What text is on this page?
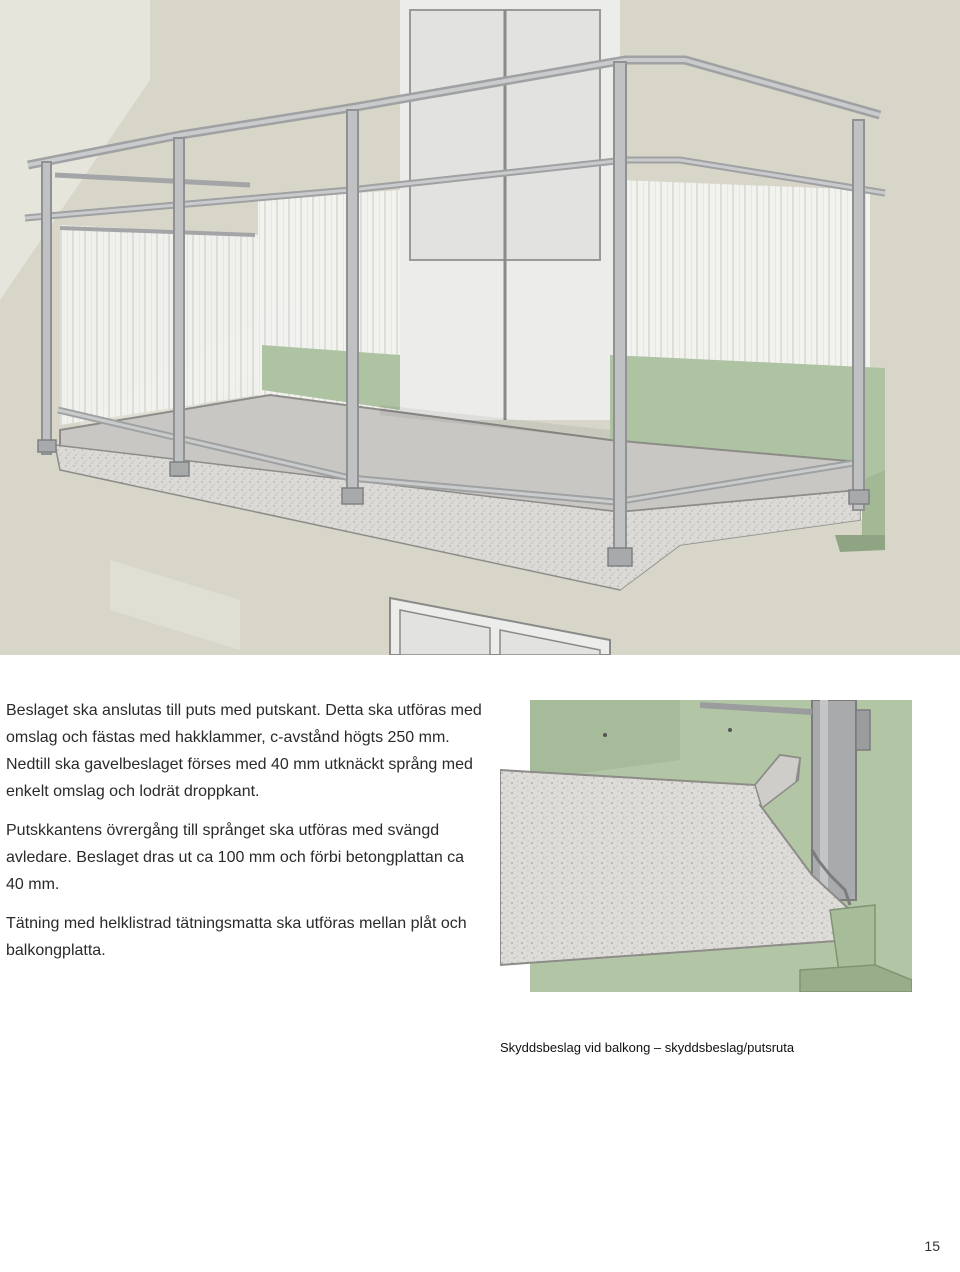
Beslaget ska anslutas till puts med putskant. Detta ska utföras med omslag och fästas med hakklammer, c-avstånd högts 250 mm. Nedtill ska gavelbeslaget förses med 40 mm utknäckt språng med enkelt omslag och lodrät droppkant.

Putskkantens övrergång till språnget ska utföras med svängd avledare. Beslaget dras ut ca 100 mm och förbi betongplattan ca 40 mm.

Tätning med helklistrad tätningsmatta ska utföras mellan plåt och balkongplatta.

Skyddsbeslag vid balkong – skyddsbeslag/putsruta
15
